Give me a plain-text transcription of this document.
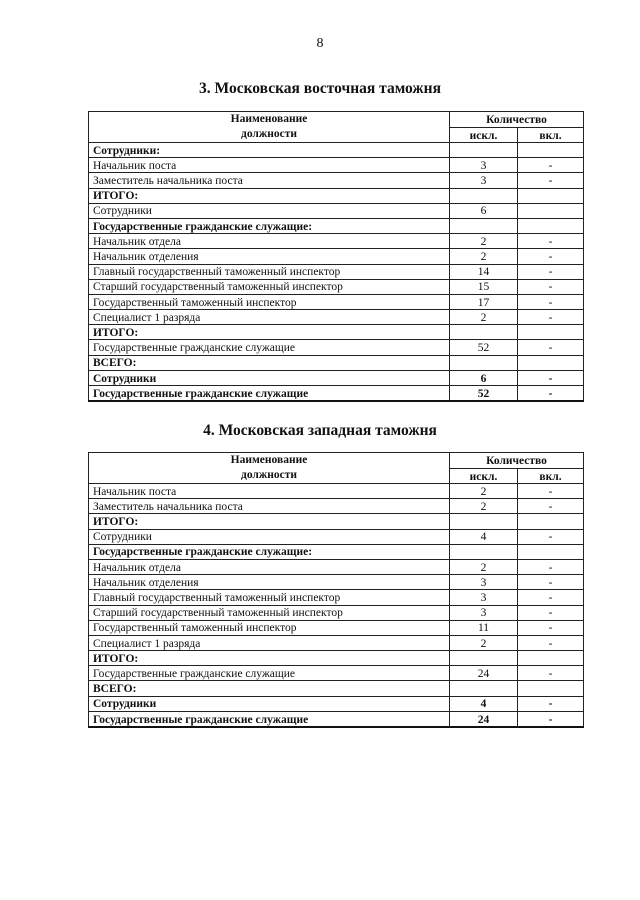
8
3. Московская восточная таможня
Наименование
должности	Количество	
	искл.	вкл.
Сотрудники:		
Начальник поста	3	-
Заместитель начальника поста	3	-
ИТОГО:		
Сотрудники	6	
Государственные гражданские служащие:		
Начальник отдела	2	-
Начальник отделения	2	-
Главный государственный таможенный инспектор	14	-
Старший государственный таможенный инспектор	15	-
Государственный таможенный инспектор	17	-
Специалист 1 разряда	2	-
ИТОГО:		
Государственные гражданские служащие	52	-
ВСЕГО:		
Сотрудники	6	-
Государственные гражданские служащие	52	-
4. Московская западная таможня
Наименование
должности	Количество	
	искл.	вкл.
Начальник поста	2	-
Заместитель начальника поста	2	-
ИТОГО:		
Сотрудники	4	-
Государственные гражданские служащие:		
Начальник отдела	2	-
Начальник отделения	3	-
Главный государственный таможенный инспектор	3	-
Старший государственный таможенный инспектор	3	-
Государственный таможенный инспектор	11	-
Специалист 1 разряда	2	-
ИТОГО:		
Государственные гражданские служащие	24	-
ВСЕГО:		
Сотрудники	4	-
Государственные гражданские служащие	24	-
